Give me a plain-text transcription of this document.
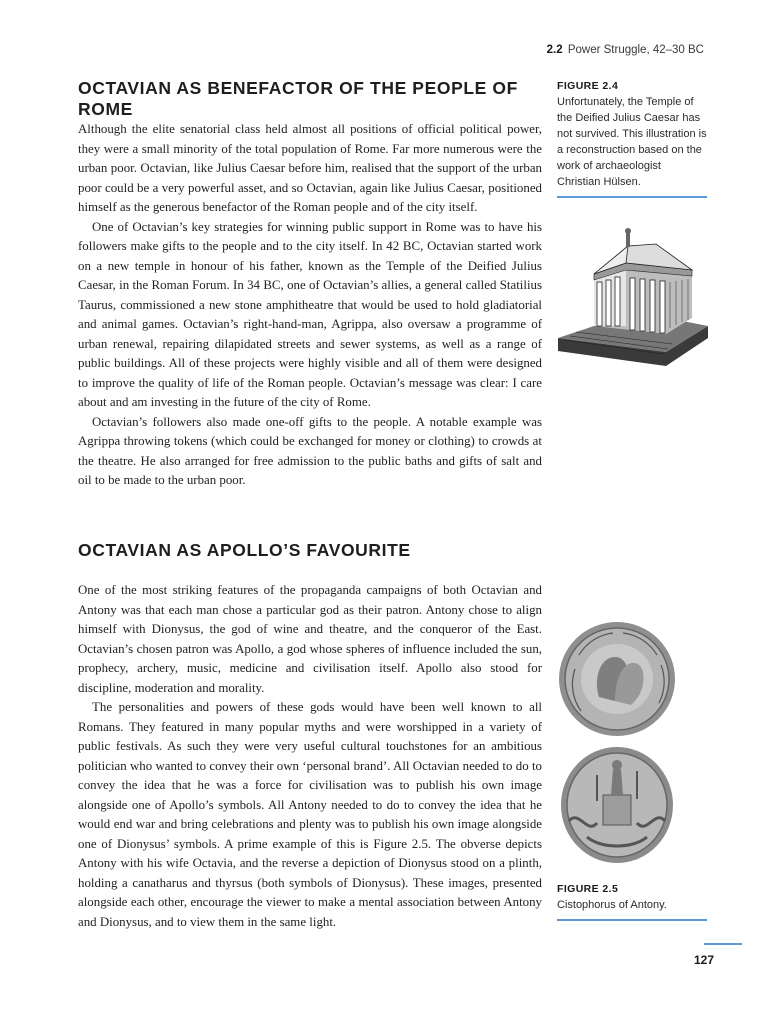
2.2 Power Struggle, 42–30 BC
OCTAVIAN AS BENEFACTOR OF THE PEOPLE OF ROME

Although the elite senatorial class held almost all positions of official political power, they were a small minority of the total population of Rome. Far more numerous were the urban poor. Octavian, like Julius Caesar before him, realised that the support of the urban poor could be a very powerful asset, and so Octavian, again like Julius Caesar, positioned himself as the generous benefactor of the Roman people and of the city itself.

One of Octavian’s key strategies for winning public support in Rome was to have his followers make gifts to the people and to the city itself. In 42 BC, Octavian started work on a new temple in honour of his father, known as the Temple of the Deified Julius Caesar, in the Roman Forum. In 34 BC, one of Octavian’s allies, a general called Statilius Taurus, commissioned a new stone amphitheatre that would be used to hold gladiatorial and animal games. Octavian’s right-hand-man, Agrippa, also oversaw a programme of urban renewal, repairing dilapidated streets and sewer systems, as well as a range of public buildings. All of these projects were highly visible and all of them were designed to improve the quality of life of the Roman people. Octavian’s message was clear: I care about and am investing in the future of the city of Rome.

Octavian’s followers also made one-off gifts to the people. A notable example was Agrippa throwing tokens (which could be exchanged for money or clothing) to crowds at the theatre. He also arranged for free admission to the public baths and gifts of salt and oil to be made to the urban poor.

OCTAVIAN AS APOLLO’S FAVOURITE

One of the most striking features of the propaganda campaigns of both Octavian and Antony was that each man chose a particular god as their patron. Antony chose to align himself with Dionysus, the god of wine and theatre, and the conqueror of the East. Octavian’s chosen patron was Apollo, a god whose spheres of influence included the sun, prophecy, archery, music, medicine and civilisation itself. Apollo also stood for discipline, moderation and morality.

The personalities and powers of these gods would have been well known to all Romans. They featured in many popular myths and were worshipped in a variety of public festivals. As such they were very useful cultural touchstones for an ambitious politician who wanted to convey their own ‘personal brand’. All Octavian needed to do to convey the idea that he was a force for civilisation was to publish his own image alongside one of Apollo’s symbols. All Antony needed to do to convey the idea that he would end war and bring celebrations and plenty was to publish his own image alongside one of Dionysus’ symbols. A prime example of this is Figure 2.5. The obverse depicts Antony with his wife Octavia, and the reverse a depiction of Dionysus stood on a plinth, holding a canatharus and thyrsus (both symbols of Dionysus). These images, presented alongside each other, encourage the viewer to make a mental association between Antony and Dionysus, and to view them in the same light.

FIGURE 2.4
Unfortunately, the Temple of the Deified Julius Caesar has not survived. This illustration is a reconstruction based on the work of archaeologist Christian Hülsen.
FIGURE 2.5
Cistophorus of Antony.
127
